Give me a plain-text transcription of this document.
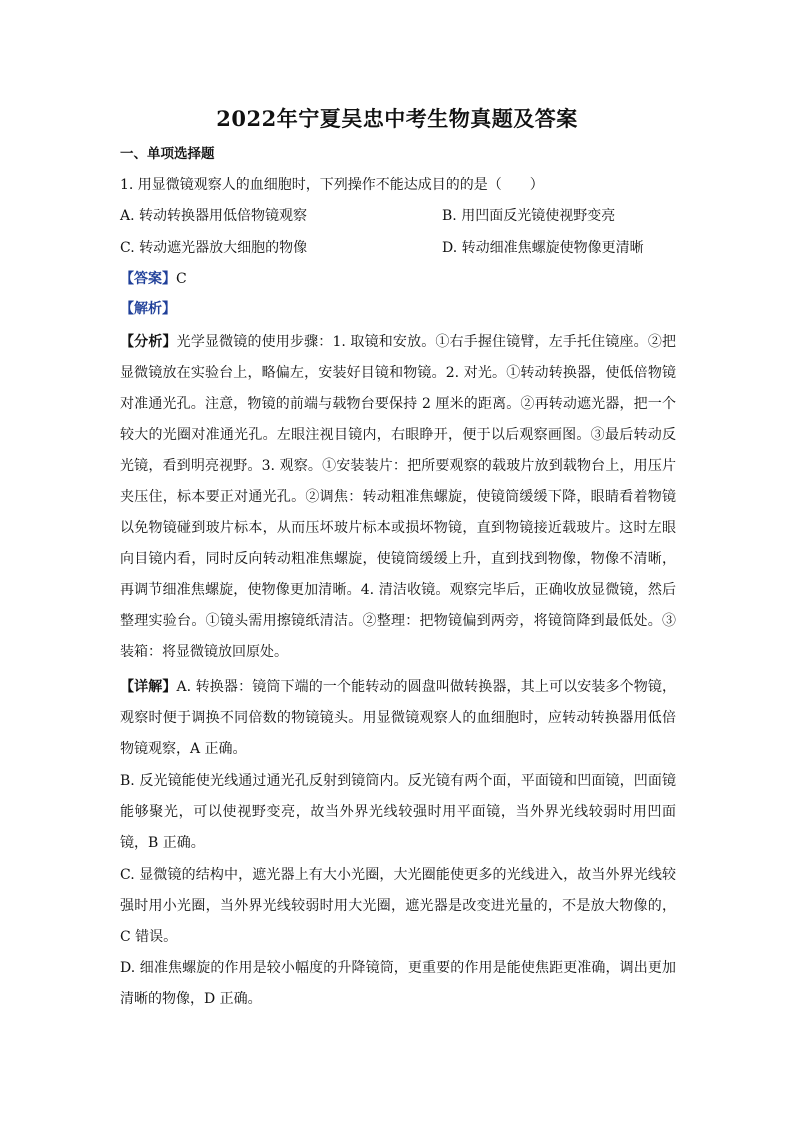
2022年宁夏吴忠中考生物真题及答案
一、单项选择题
1. 用显微镜观察人的血细胞时，下列操作不能达成目的的是（　　）
A. 转动转换器用低倍物镜观察	B. 用凹面反光镜使视野变亮
C. 转动遮光器放大细胞的物像	D. 转动细准焦螺旋使物像更清晰
【答案】C
【解析】
【分析】光学显微镜的使用步骤：1. 取镜和安放。①右手握住镜臂，左手托住镜座。②把显微镜放在实验台上，略偏左，安装好目镜和物镜。2. 对光。①转动转换器，使低倍物镜对准通光孔。注意，物镜的前端与载物台要保持 2 厘米的距离。②再转动遮光器，把一个较大的光圈对准通光孔。左眼注视目镜内，右眼睁开，便于以后观察画图。③最后转动反光镜，看到明亮视野。3. 观察。①安装装片：把所要观察的载玻片放到载物台上，用压片夹压住，标本要正对通光孔。②调焦：转动粗准焦螺旋，使镜筒缓缓下降，眼睛看着物镜以免物镜碰到玻片标本，从而压坏玻片标本或损坏物镜，直到物镜接近载玻片。这时左眼向目镜内看，同时反向转动粗准焦螺旋，使镜筒缓缓上升，直到找到物像，物像不清晰，再调节细准焦螺旋，使物像更加清晰。4. 清洁收镜。观察完毕后，正确收放显微镜，然后整理实验台。①镜头需用擦镜纸清洁。②整理：把物镜偏到两旁，将镜筒降到最低处。③装箱：将显微镜放回原处。
【详解】A. 转换器：镜筒下端的一个能转动的圆盘叫做转换器，其上可以安装多个物镜，观察时便于调换不同倍数的物镜镜头。用显微镜观察人的血细胞时，应转动转换器用低倍物镜观察，A 正确。
B. 反光镜能使光线通过通光孔反射到镜筒内。反光镜有两个面，平面镜和凹面镜，凹面镜能够聚光，可以使视野变亮，故当外界光线较强时用平面镜，当外界光线较弱时用凹面镜，B 正确。
C. 显微镜的结构中，遮光器上有大小光圈，大光圈能使更多的光线进入，故当外界光线较强时用小光圈，当外界光线较弱时用大光圈，遮光器是改变进光量的，不是放大物像的，C 错误。
D. 细准焦螺旋的作用是较小幅度的升降镜筒，更重要的作用是能使焦距更准确，调出更加清晰的物像，D 正确。
